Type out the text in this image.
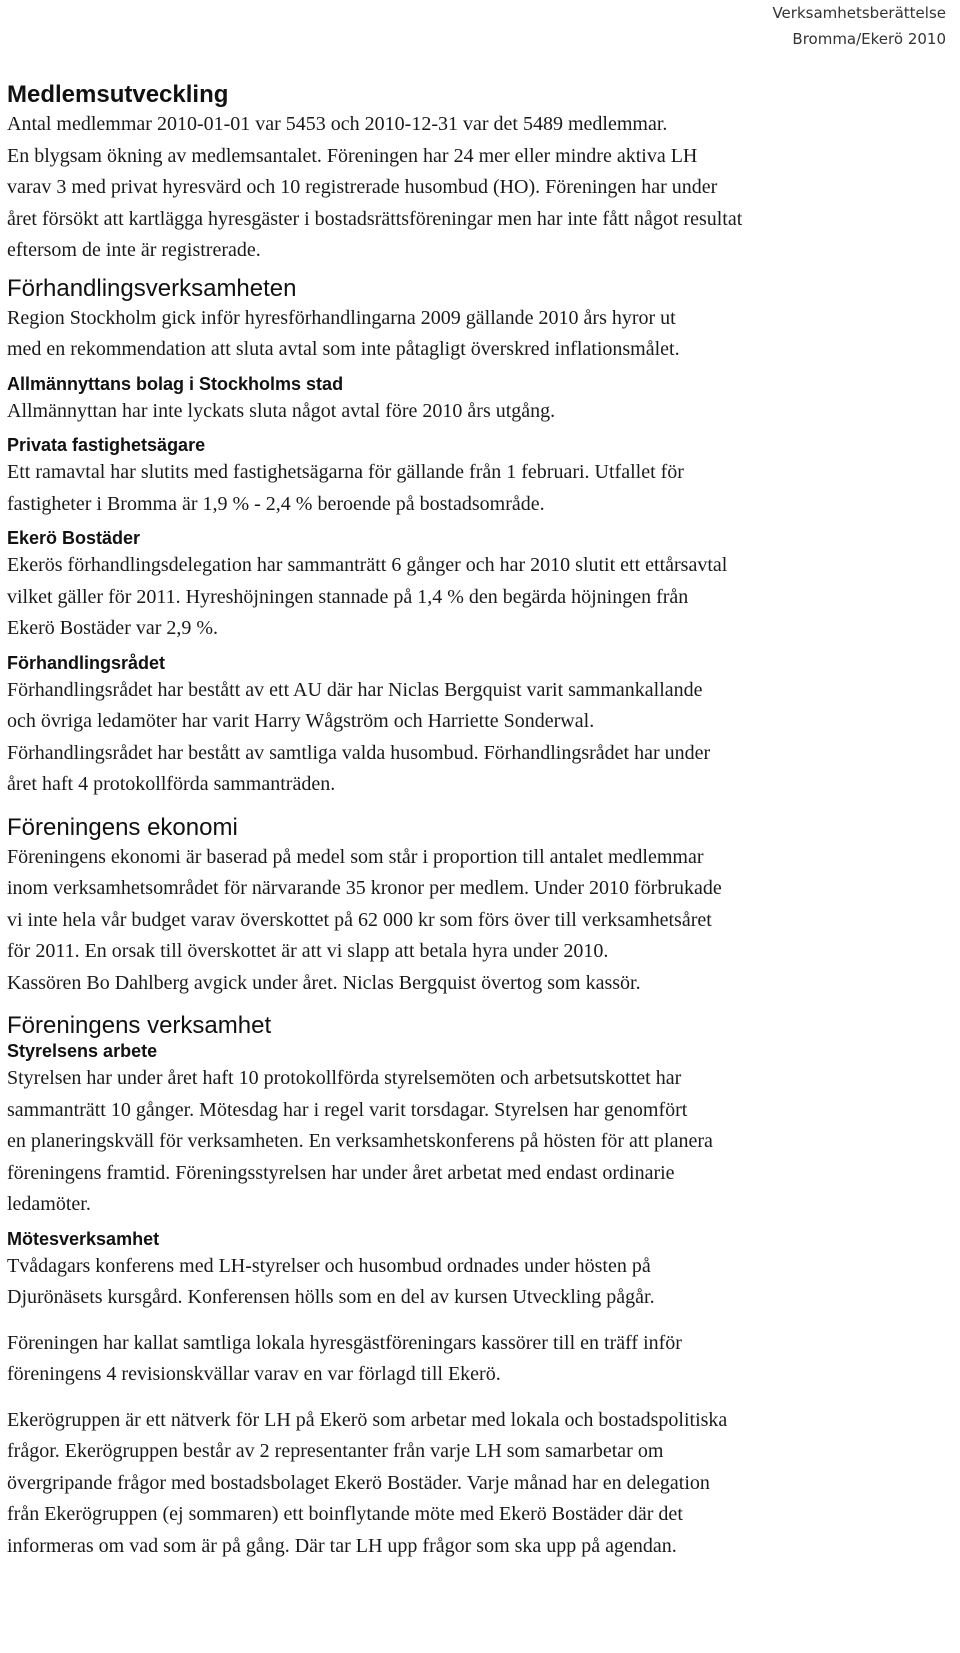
Verksamhetsberättelse
Bromma/Ekerö 2010
Medlemsutveckling
Antal medlemmar 2010-01-01 var 5453 och 2010-12-31 var det 5489 medlemmar.
En blygsam ökning av medlemsantalet. Föreningen har 24 mer eller mindre aktiva LH
varav 3 med privat hyresvärd och 10 registrerade husombud (HO). Föreningen har under
året försökt att kartlägga hyresgäster i bostadsrättsföreningar men har inte fått något resultat
eftersom de inte är registrerade.
Förhandlingsverksamheten
Region Stockholm gick inför hyresförhandlingarna 2009 gällande 2010 års hyror ut
med en rekommendation att sluta avtal som inte påtagligt överskred inflationsmålet.
Allmännyttans bolag i Stockholms stad
Allmännyttan har inte lyckats sluta något avtal före 2010 års utgång.
Privata fastighetsägare
Ett ramavtal har slutits med fastighetsägarna för gällande från 1 februari. Utfallet för
fastigheter i Bromma är 1,9 % - 2,4 % beroende på bostadsområde.
Ekerö Bostäder
Ekerös förhandlingsdelegation har sammanträtt 6 gånger och har 2010 slutit ett ettårsavtal
vilket gäller för 2011. Hyreshöjningen stannade på 1,4 % den begärda höjningen från
Ekerö Bostäder var 2,9 %.
Förhandlingsrådet
Förhandlingsrådet har bestått av ett AU där har Niclas Bergquist varit sammankallande
och övriga ledamöter har varit Harry Wågström och Harriette Sonderwal.
Förhandlingsrådet har bestått av samtliga valda husombud. Förhandlingsrådet har under
året haft 4 protokollförda sammanträden.
Föreningens ekonomi
Föreningens ekonomi är baserad på medel som står i proportion till antalet medlemmar
inom verksamhetsområdet för närvarande 35 kronor per medlem. Under 2010 förbrukade
vi inte hela vår budget varav överskottet på 62 000 kr som förs över till verksamhetsåret
för 2011. En orsak till överskottet är att vi slapp att betala hyra under 2010.
Kassören Bo Dahlberg avgick under året. Niclas Bergquist övertog som kassör.
Föreningens verksamhet
Styrelsens arbete
Styrelsen har under året haft 10 protokollförda styrelsemöten och arbetsutskottet har
sammanträtt 10 gånger. Mötesdag har i regel varit torsdagar. Styrelsen har genomfört
en planeringskväll för verksamheten. En verksamhetskonferens på hösten för att planera
föreningens framtid. Föreningsstyrelsen har under året arbetat med endast ordinarie
ledamöter.
Mötesverksamhet
Tvådagars konferens med LH-styrelser och husombud ordnades under hösten på
Djurönäsets kursgård. Konferensen hölls som en del av kursen Utveckling pågår.
Föreningen har kallat samtliga lokala hyresgästföreningars kassörer till en träff inför
föreningens 4 revisionskvällar varav en var förlagd till Ekerö.
Ekerögruppen är ett nätverk för LH på Ekerö som arbetar med lokala och bostadspolitiska
frågor. Ekerögruppen består av 2 representanter från varje LH som samarbetar om
övergripande frågor med bostadsbolaget Ekerö Bostäder. Varje månad har en delegation
från Ekerögruppen (ej sommaren) ett boinflytande möte med Ekerö Bostäder där det
informeras om vad som är på gång. Där tar LH upp frågor som ska upp på agendan.
